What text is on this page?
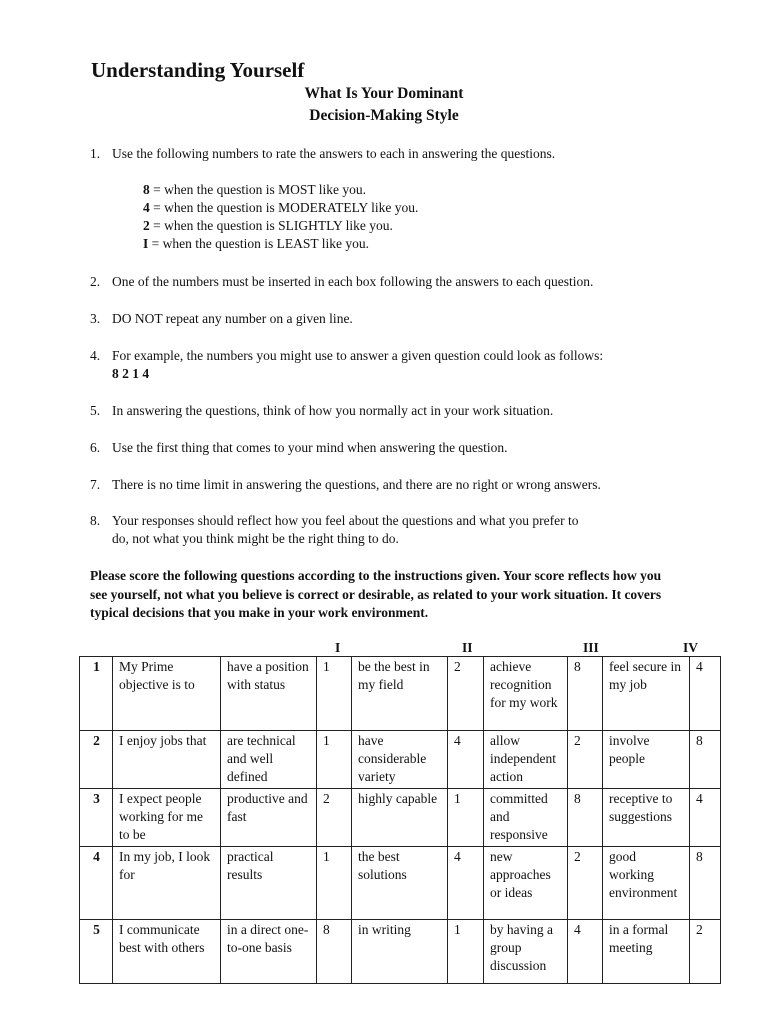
Understanding Yourself
What Is Your Dominant
Decision-Making Style
1. Use the following numbers to rate the answers to each in answering the questions.
8 = when the question is MOST like you.
4 = when the question is MODERATELY like you.
2 = when the question is SLIGHTLY like you.
I = when the question is LEAST like you.
2. One of the numbers must be inserted in each box following the answers to each question.
3. DO NOT repeat any number on a given line.
4. For example, the numbers you might use to answer a given question could look as follows:
8 2 1 4
5. In answering the questions, think of how you normally act in your work situation.
6. Use the first thing that comes to your mind when answering the question.
7. There is no time limit in answering the questions, and there are no right or wrong answers.
8. Your responses should reflect how you feel about the questions and what you prefer to
do, not what you think might be the right thing to do.
Please score the following questions according to the instructions given. Your score reflects how you see yourself, not what you believe is correct or desirable, as related to your work situation. It covers typical decisions that you make in your work environment.
I	II	III	IV
1	My Prime objective is to	have a position with status	1	be the best in my field	2	achieve recognition for my work	8	feel secure in my job	4
2	I enjoy jobs that	are technical and well defined	1	have considerable variety	4	allow independent action	2	involve people	8
3	I expect people working for me to be	productive and fast	2	highly capable	1	committed and responsive	8	receptive to suggestions	4
4	In my job, I look for	practical results	1	the best solutions	4	new approaches or ideas	2	good working environment	8
5	I communicate best with others	in a direct one-to-one basis	8	in writing	1	by having a group discussion	4	in a formal meeting	2
